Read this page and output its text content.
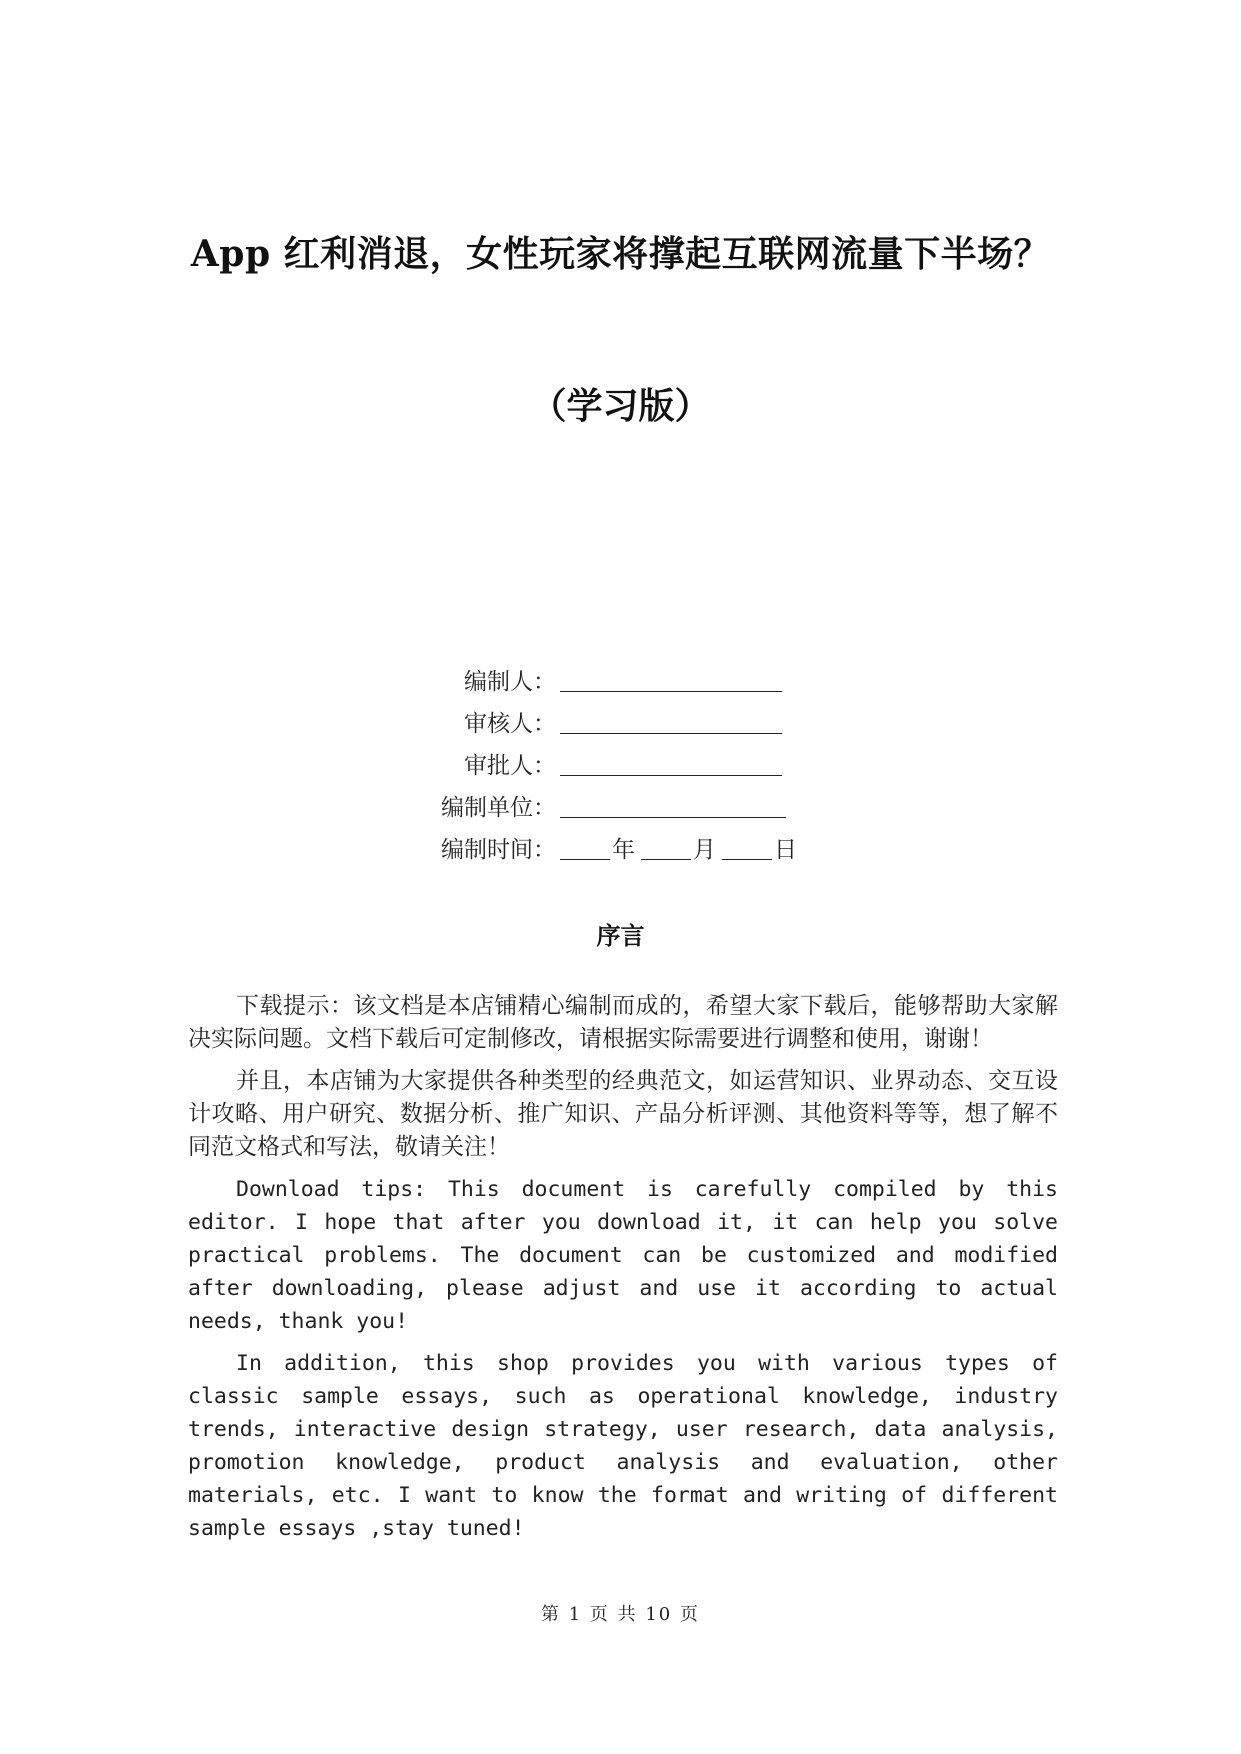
App 红利消退，女性玩家将撑起互联网流量下半场？
（学习版）
编制人：
审核人：
审批人：
编制单位：
编制时间： 年	月	日
序言

下载提示：该文档是本店铺精心编制而成的，希望大家下载后，能够帮助大家解决实际问题。文档下载后可定制修改，请根据实际需要进行调整和使用，谢谢！

并且，本店铺为大家提供各种类型的经典范文，如运营知识、业界动态、交互设计攻略、用户研究、数据分析、推广知识、产品分析评测、其他资料等等，想了解不同范文格式和写法，敬请关注！

Download tips: This document is carefully compiled by this editor. I hope that after you download it, it can help you solve practical problems. The document can be customized and modified after downloading, please adjust and use it according to actual needs, thank you!

In addition, this shop provides you with various types of classic sample essays, such as operational knowledge, industry trends, interactive design strategy, user research, data analysis, promotion knowledge, product analysis and evaluation, other materials, etc. I want to know the format and writing of different sample essays ,stay tuned!

第 1 页 共 10 页
